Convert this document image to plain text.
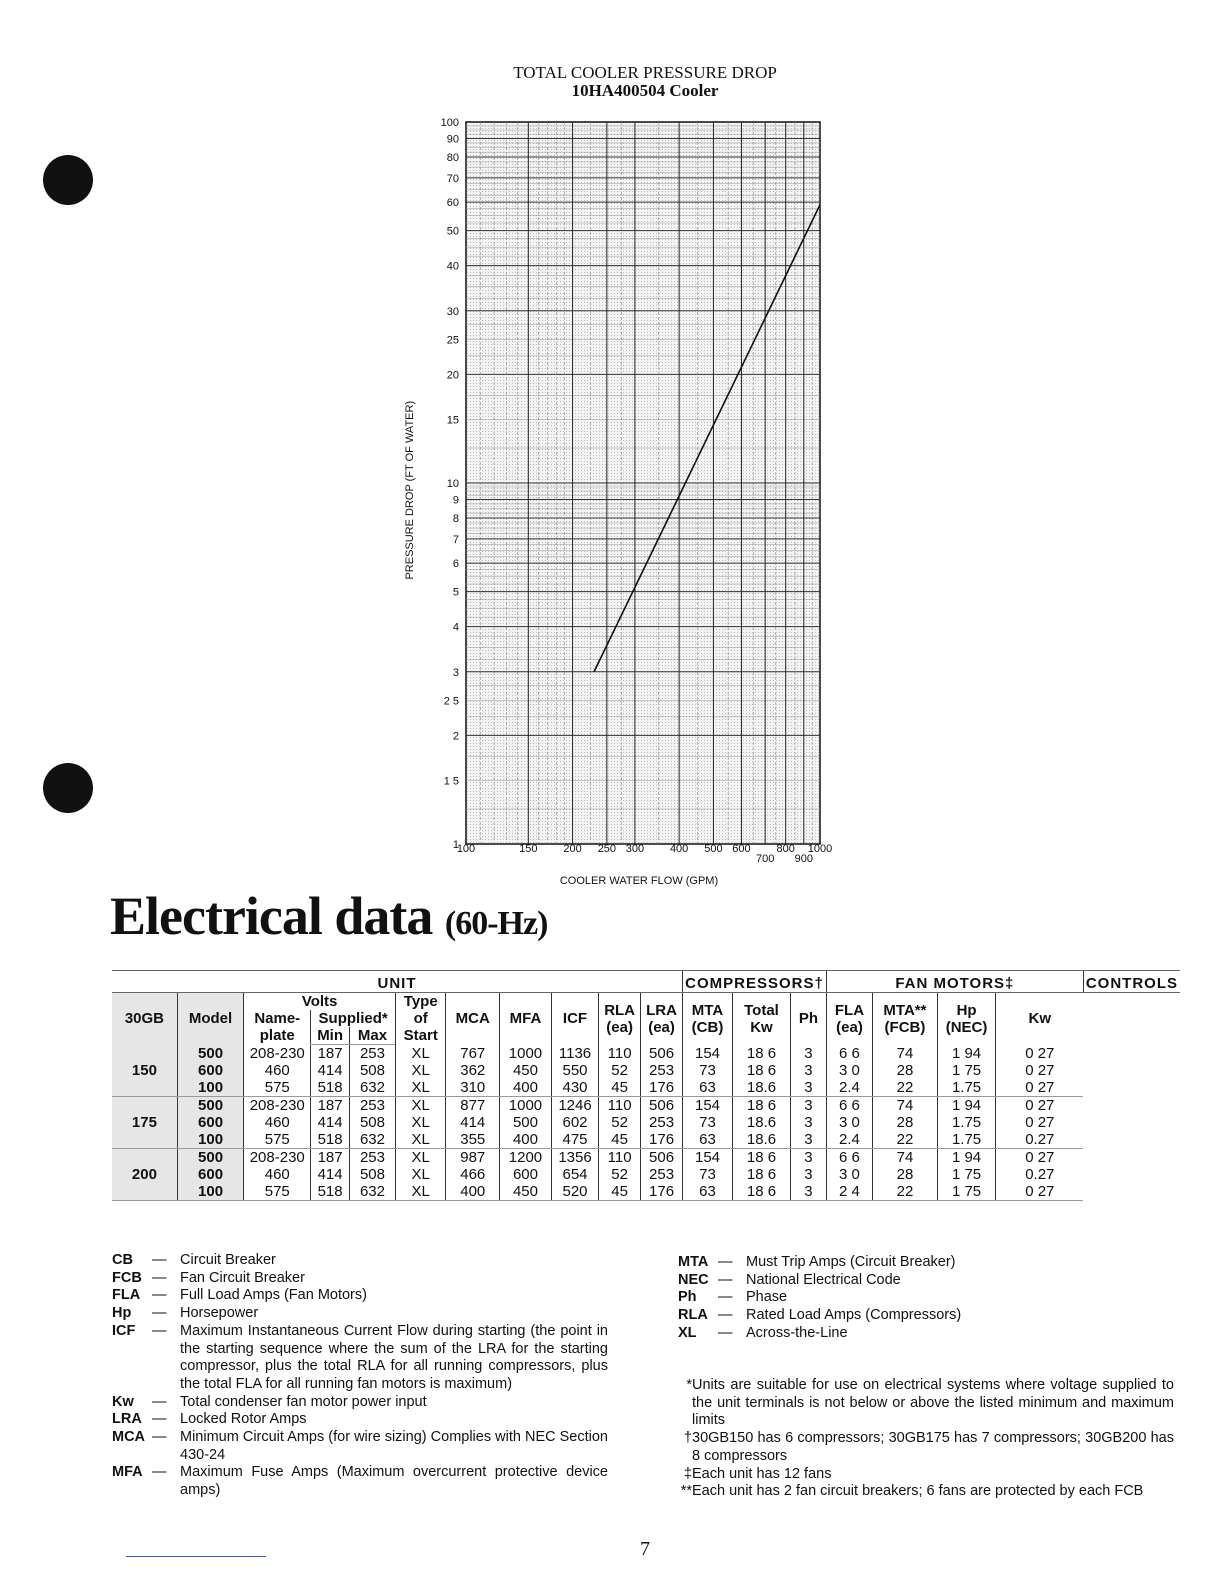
TOTAL COOLER PRESSURE DROP
10HA400504 Cooler
100
90
80
70
60
50
40
30
25
20
15
10
9
8
7
6
5
4
3
2 5
2
1 5
1
100	150 200 250 300 400 500 600
700
800
900
1000
PRESSURE DROP (FT OF WATER)
COOLER WATER FLOW (GPM)
Electrical data (60-Hz)
UNIT											COMPRESSORS†			FAN MOTORS‡				CONTROLS
30GB	Model	Volts			Type of Start	MCA	MFA	ICF	RLA (ea)	LRA (ea)	MTA (CB)	Total Kw	Ph	FLA (ea)	MTA** (FCB)	Hp (NEC)	Kw	
		Name-plate	Supplied*															
			Min	Max														
150	500	208-230	187	253	XL	767	1000	1136	110	506	154	18 6	3	6 6	74	1 94	0 27	
	600	460	414	508	XL	362	450	550	52	253	73	18 6	3	3 0	28	1 75	0 27	
	100	575	518	632	XL	310	400	430	45	176	63	18.6	3	2.4	22	1.75	0 27	
175	500	208-230	187	253	XL	877	1000	1246	110	506	154	18 6	3	6 6	74	1 94	0 27	
	600	460	414	508	XL	414	500	602	52	253	73	18.6	3	3 0	28	1.75	0 27	
	100	575	518	632	XL	355	400	475	45	176	63	18.6	3	2.4	22	1.75	0.27	
200	500	208-230	187	253	XL	987	1200	1356	110	506	154	18 6	3	6 6	74	1 94	0 27	
	600	460	414	508	XL	466	600	654	52	253	73	18 6	3	3 0	28	1 75	0.27	
	100	575	518	632	XL	400	450	520	45	176	63	18 6	3	2 4	22	1 75	0 27	
CB	— Circuit Breaker
FCB — Fan Circuit Breaker
FLA — Full Load Amps (Fan Motors)
Hp	— Horsepower
ICF	— Maximum Instantaneous Current Flow during starting (the point in the starting sequence where the sum of the LRA for the starting compressor, plus the total RLA for all running compressors, plus the total FLA for all running fan motors is maximum)
Kw	— Total condenser fan motor power input
LRA — Locked Rotor Amps
MCA — Minimum Circuit Amps (for wire sizing) Complies with NEC Section 430-24
MFA — Maximum Fuse Amps (Maximum overcurrent protective device amps)
MTA — Must Trip Amps (Circuit Breaker)
NEC — National Electrical Code
Ph	— Phase
RLA — Rated Load Amps (Compressors)
XL	— Across-the-Line
* Units are suitable for use on electrical systems where voltage supplied to the unit terminals is not below or above the listed minimum and maximum limits
† 30GB150 has 6 compressors; 30GB175 has 7 compressors; 30GB200 has 8 compressors
‡ Each unit has 12 fans
** Each unit has 2 fan circuit breakers; 6 fans are protected by each FCB
7
